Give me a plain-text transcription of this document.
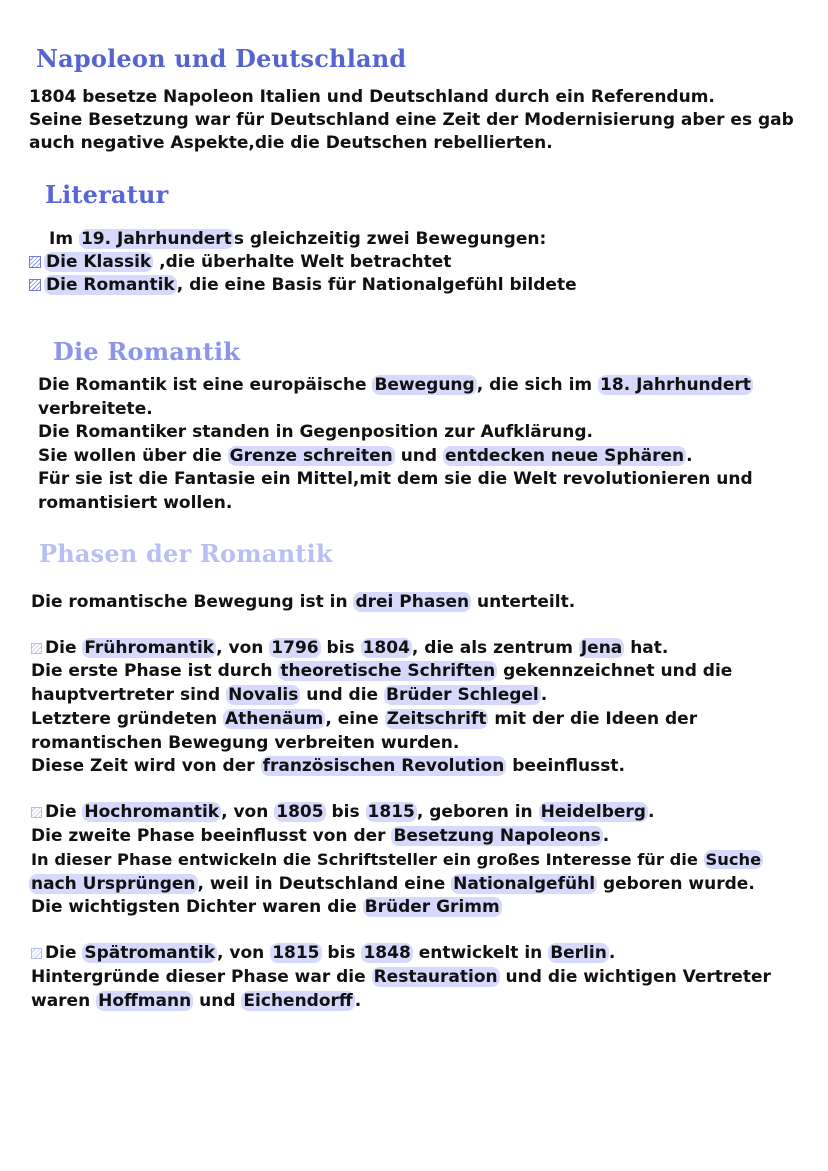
Napoleon und Deutschland

1804 besetze Napoleon Italien und Deutschland durch ein Referendum.

Seine Besetzung war für Deutschland eine Zeit der Modernisierung aber es gab

auch negative Aspekte,die die Deutschen rebellierten.

Literatur

Im 19. Jahrhundert s gleichzeitig zwei Bewegungen:

Die Klassik ,die überhalte Welt betrachtet

Die Romantik , die eine Basis für Nationalgefühl bildete

Die Romantik

Die Romantik ist eine europäische Bewegung , die sich im 18. Jahrhundert

verbreitete.

Die Romantiker standen in Gegenposition zur Aufklärung.

Sie wollen über die Grenze schreiten und entdecken neue Sphären .

Für sie ist die Fantasie ein Mittel,mit dem sie die Welt revolutionieren und

romantisiert wollen.

Phasen der Romantik

Die romantische Bewegung ist in drei Phasen unterteilt.

Die Frühromantik , von 1796 bis 1804 , die als zentrum Jena hat.

Die erste Phase ist durch theoretische Schriften gekennzeichnet und die

hauptvertreter sind Novalis und die Brüder Schlegel .

Letztere gründeten Athenäum , eine Zeitschrift mit der die Ideen der

romantischen Bewegung verbreiten wurden.

Diese Zeit wird von der französischen Revolution beeinflusst.

Die Hochromantik , von 1805 bis 1815 , geboren in Heidelberg .

Die zweite Phase beeinflusst von der Besetzung Napoleons .

In dieser Phase entwickeln die Schriftsteller ein großes Interesse für die Suche

nach Ursprüngen , weil in Deutschland eine Nationalgefühl geboren wurde.

Die wichtigsten Dichter waren die Brüder Grimm

Die Spätromantik , von 1815 bis 1848 entwickelt in Berlin .

Hintergründe dieser Phase war die Restauration und die wichtigen Vertreter

waren Hoffmann und Eichendorff .
